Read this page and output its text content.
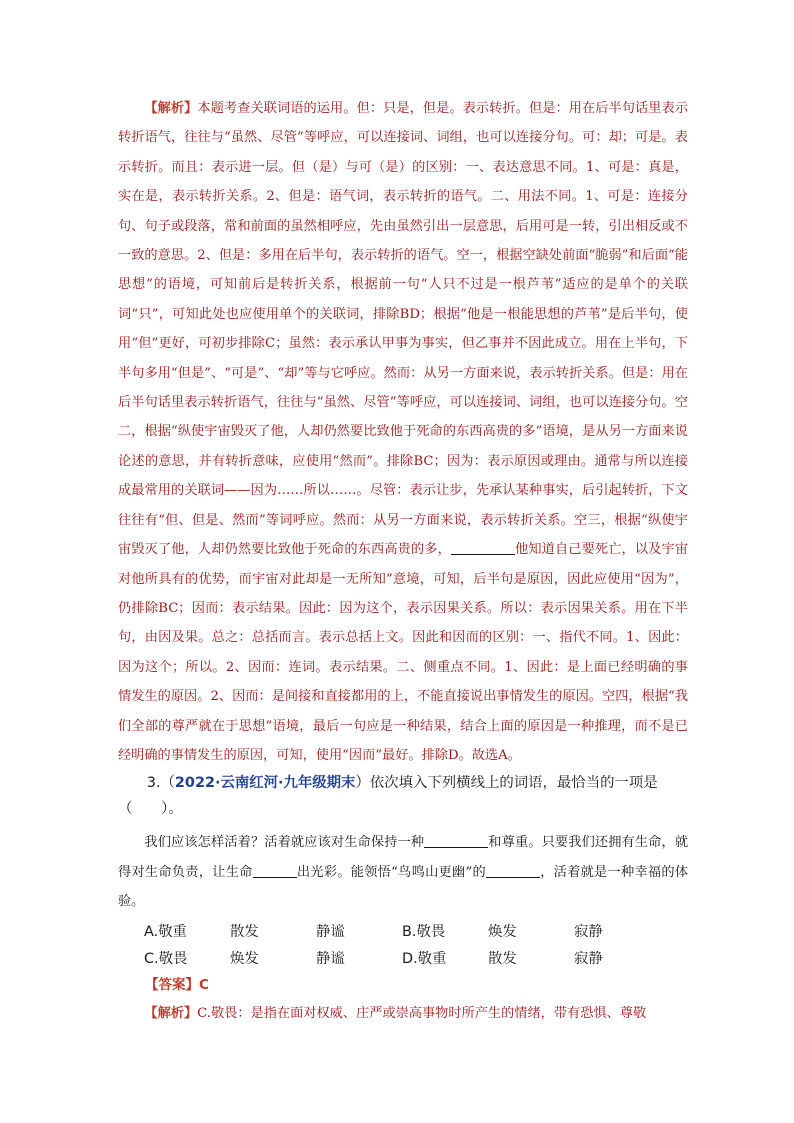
【解析】本题考查关联词语的运用。但：只是，但是。表示转折。但是：用在后半句话里表示转折语气，往往与“虽然、尽管”等呼应，可以连接词、词组，也可以连接分句。可：却；可是。表示转折。而且：表示进一层。但（是）与可（是）的区别：一、表达意思不同。1、可是：真是，实在是，表示转折关系。2、但是：语气词，表示转折的语气。二、用法不同。1、可是：连接分句、句子或段落，常和前面的虽然相呼应，先由虽然引出一层意思，后用可是一转，引出相反或不一致的意思。2、但是：多用在后半句，表示转折的语气。空一，根据空缺处前面“脆弱”和后面“能思想”的语境，可知前后是转折关系，根据前一句“人只不过是一根芦苇”适应的是单个的关联词“只”，可知此处也应使用单个的关联词，排除BD；根据“他是一根能思想的芦苇”是后半句，使用“但”更好，可初步排除C；虽然：表示承认甲事为事实，但乙事并不因此成立。用在上半句，下半句多用“但是”、“可是”、“却”等与它呼应。然而：从另一方面来说，表示转折关系。但是：用在后半句话里表示转折语气，往往与“虽然、尽管”等呼应，可以连接词、词组，也可以连接分句。空二，根据“纵使宇宙毁灭了他，人却仍然要比致他于死命的东西高贵的多”语境，是从另一方面来说论述的意思，并有转折意味，应使用“然而”。排除BC；因为：表示原因或理由。通常与所以连接成最常用的关联词——因为……所以……。尽管：表示让步，先承认某种事实，后引起转折，下文往往有“但、但是、然而”等词呼应。然而：从另一方面来说，表示转折关系。空三，根据“纵使宇宙毁灭了他，人却仍然要比致他于死命的东西高贵的多，	他知道自己要死亡，以及宇宙对他所具有的优势，而宇宙对此却是一无所知”意境，可知，后半句是原因，因此应使用“因为”，仍排除BC；因而：表示结果。因此：因为这个，表示因果关系。所以：表示因果关系。用在下半句，由因及果。总之：总括而言。表示总括上文。因此和因而的区别：一、指代不同。1、因此：因为这个；所以。2、因而：连词。表示结果。二、侧重点不同。1、因此：是上面已经明确的事情发生的原因。2、因而：是间接和直接都用的上，不能直接说出事情发生的原因。空四，根据“我们全部的尊严就在于思想”语境，最后一句应是一种结果，结合上面的原因是一种推理，而不是已经明确的事情发生的原因，可知，使用“因而”最好。排除D。故选A。

3.（2022·云南红河·九年级期末）依次填入下列横线上的词语，最恰当的一项是

（　　）。

我们应该怎样活着？活着就应该对生命保持一种	和尊重。只要我们还拥有生命，就得对生命负责，让生命	出光彩。能领悟“鸟鸣山更幽”的	，活着就是一种幸福的体验。

A.敬重	散发	静谧	B.敬畏	焕发	寂静
C.敬畏	焕发	静谧	D.敬重	散发	寂静

【答案】C

【解析】C.敬畏：是指在面对权威、庄严或崇高事物时所产生的情绪，带有恐惧、尊敬
